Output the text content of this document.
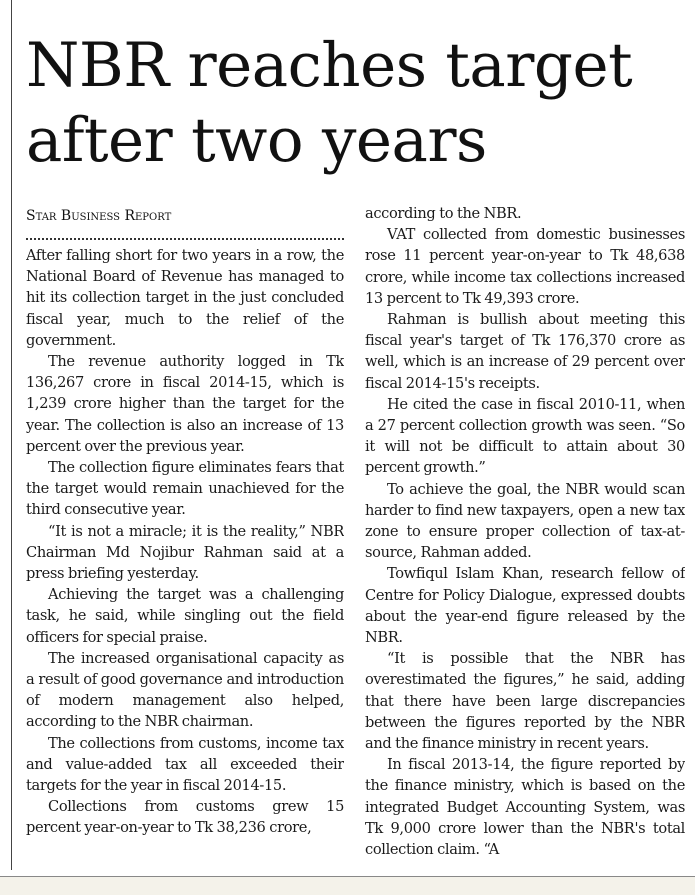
NBR reaches target
after two years
Star Business Report

After falling short for two years in a row, the National Board of Revenue has managed to hit its collection target in the just concluded fiscal year, much to the relief of the government.

The revenue authority logged in Tk 136,267 crore in fiscal 2014-15, which is 1,239 crore higher than the target for the year. The collection is also an increase of 13 percent over the previous year.

The collection figure eliminates fears that the target would remain unachieved for the third consecutive year.

“It is not a miracle; it is the reality,” NBR Chairman Md Nojibur Rahman said at a press briefing yesterday.

Achieving the target was a challenging task, he said, while singling out the field officers for special praise.

The increased organisational capacity as a result of good governance and introduction of modern management also helped, according to the NBR chairman.

The collections from customs, income tax and value-added tax all exceeded their targets for the year in fiscal 2014-15.

Collections from customs grew 15 percent year-on-year to Tk 38,236 crore,

according to the NBR.

VAT collected from domestic businesses rose 11 percent year-on-year to Tk 48,638 crore, while income tax collections increased 13 percent to Tk 49,393 crore.

Rahman is bullish about meeting this fiscal year's target of Tk 176,370 crore as well, which is an increase of 29 percent over fiscal 2014-15's receipts.

He cited the case in fiscal 2010-11, when a 27 percent collection growth was seen. “So it will not be difficult to attain about 30 percent growth.”

To achieve the goal, the NBR would scan harder to find new taxpayers, open a new tax zone to ensure proper collection of tax-at-source, Rahman added.

Towfiqul Islam Khan, research fellow of Centre for Policy Dialogue, expressed doubts about the year-end figure released by the NBR.

“It is possible that the NBR has overestimated the figures,” he said, adding that there have been large discrepancies between the figures reported by the NBR and the finance ministry in recent years.

In fiscal 2013-14, the figure reported by the finance ministry, which is based on the integrated Budget Accounting System, was Tk 9,000 crore lower than the NBR's total collection claim. “A
